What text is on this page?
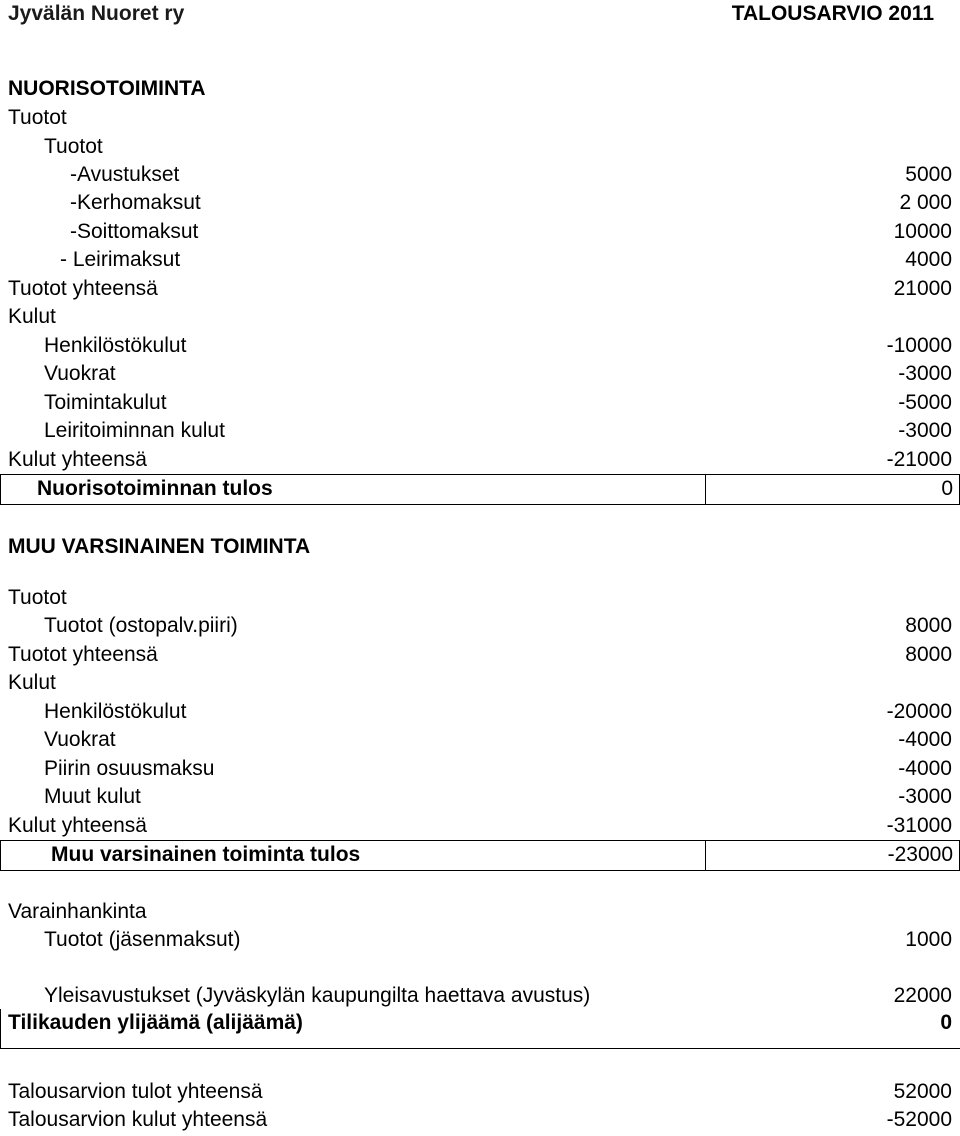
Jyvälän Nuoret ry	TALOUSARVIO 2011
NUORISOTOIMINTA
Tuotot
Tuotot
-Avustukset	5000
-Kerhomaksut	2 000
-Soittomaksut	10000
- Leirimaksut	4000
Tuotot yhteensä	21000
Kulut
Henkilöstökulut	-10000
Vuokrat	-3000
Toimintakulut	-5000
Leiritoiminnan kulut	-3000
Kulut yhteensä	-21000
Nuorisotoiminnan tulos	0
MUU VARSINAINEN TOIMINTA
Tuotot
Tuotot (ostopalv.piiri)	8000
Tuotot yhteensä	8000
Kulut
Henkilöstökulut	-20000
Vuokrat	-4000
Piirin osuusmaksu	-4000
Muut kulut	-3000
Kulut yhteensä	-31000
Muu varsinainen toiminta tulos	-23000
Varainhankinta
Tuotot (jäsenmaksut)	1000
Yleisavustukset (Jyväskylän kaupungilta haettava avustus)	22000
Tilikauden ylijäämä (alijäämä)	0
Talousarvion tulot yhteensä	52000
Talousarvion kulut yhteensä	-52000
